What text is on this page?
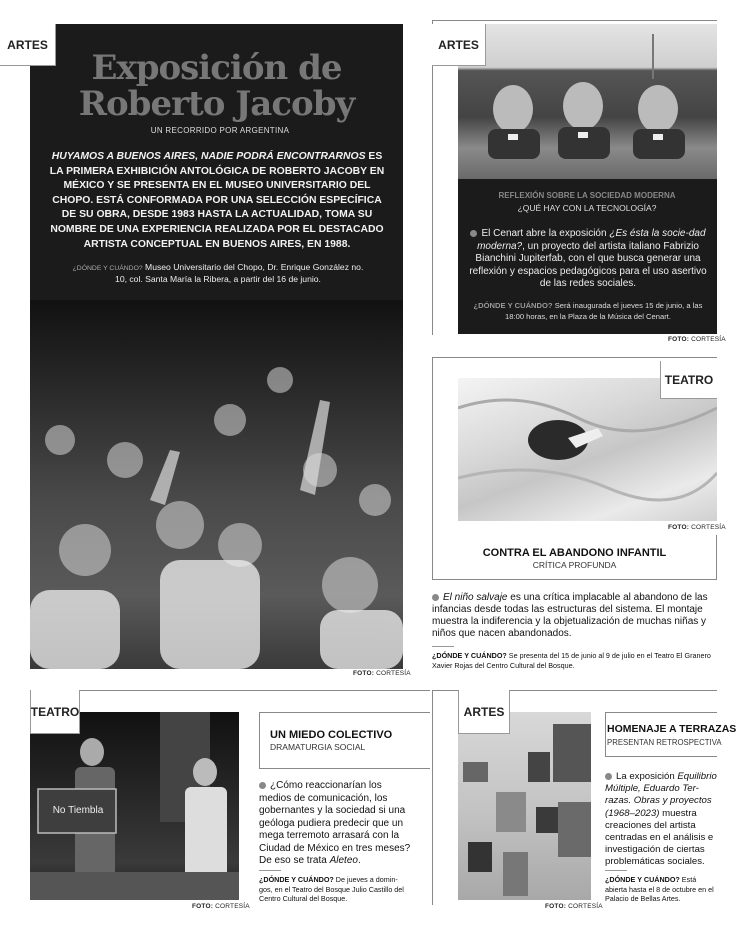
ARTES
Exposición de
Roberto Jacoby
UN RECORRIDO POR ARGENTINA
HUYAMOS A BUENOS AIRES, NADIE PODRÁ ENCONTRARNOS ES LA PRIMERA EXHIBICIÓN ANTOLÓGICA DE ROBERTO JACOBY EN MÉXICO Y SE PRESENTA EN EL MUSEO UNIVERSITARIO DEL CHOPO. ESTÁ CONFORMADA POR UNA SELECCIÓN ESPECÍFICA DE SU OBRA, DESDE 1983 HASTA LA ACTUALIDAD, TOMA SU NOMBRE DE UNA EXPERIENCIA REALIZADA POR EL DESTACADO ARTISTA CONCEPTUAL EN BUENOS AIRES, EN 1988.
¿DÓNDE Y CUÁNDO? Museo Universitario del Chopo, Dr. Enrique González no. 10, col. Santa María la Ribera, a partir del 16 de junio.
FOTO: CORTESÍA
ARTES
REFLEXIÓN SOBRE LA SOCIEDAD MODERNA
¿QUÉ HAY CON LA TECNOLOGÍA?
El Cenart abre la exposición ¿Es ésta la socie-dad moderna?, un proyecto del artista italiano Fabrizio Bianchini Jupiterfab, con el que busca generar una reflexión y espacios pedagógicos para el uso asertivo de las redes sociales.
¿DÓNDE Y CUÁNDO? Será inaugurada el jueves 15 de junio, a las 18:00 horas, en la Plaza de la Música del Cenart.
FOTO: CORTESÍA
TEATRO
FOTO: CORTESÍA
CONTRA EL ABANDONO INFANTIL
CRÍTICA PROFUNDA
El niño salvaje es una crítica implacable al abandono de las infancias desde todas las estructuras del sistema. El montaje muestra la indiferencia y la objetualización de muchas niñas y niños que nacen abandonados.
¿DÓNDE Y CUÁNDO? Se presenta del 15 de junio al 9 de julio en el Teatro El Granero Xavier Rojas del Centro Cultural del Bosque.
No Tiembla
TEATRO
FOTO: CORTESÍA
UN MIEDO COLECTIVO
DRAMATURGIA SOCIAL
¿Cómo reaccionarían los medios de comunicación, los gobernantes y la sociedad si una geóloga pudiera predecir que un mega terremoto arrasará con la Ciudad de México en tres meses? De eso se trata Aleteo.
¿DÓNDE Y CUÁNDO? De jueves a domin-gos, en el Teatro del Bosque Julio Castillo del Centro Cultural del Bosque.
ARTES
FOTO: CORTESÍA
HOMENAJE A TERRAZAS
PRESENTAN RETROSPECTIVA
La exposición Equilibrio Múltiple, Eduardo Ter-razas. Obras y proyectos (1968–2023) muestra creaciones del artista centradas en el análisis e investigación de ciertas problemáticas sociales.
¿DÓNDE Y CUÁNDO? Está abierta hasta el 8 de octubre en el Palacio de Bellas Artes.
